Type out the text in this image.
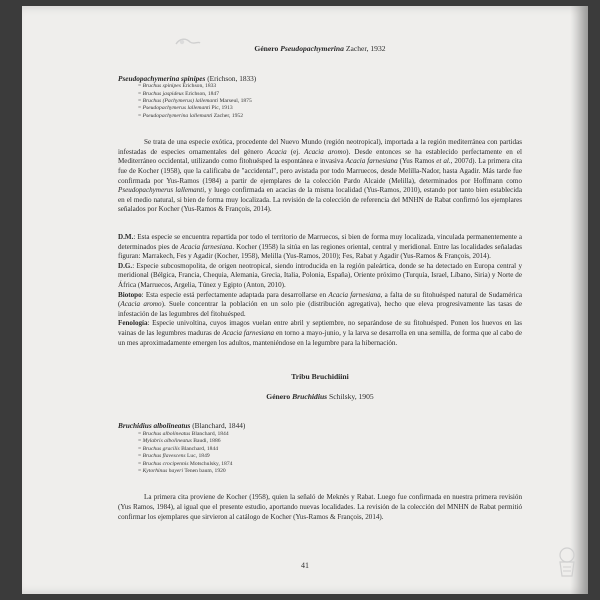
Género Pseudopachymerina Zacher, 1932

Pseudopachymerina spinipes (Erichson, 1833)
= Bruchus spinipes Erichson, 1833
= Bruchus jaspideus Erichson, 1847
= Bruchus (Pachymerus) lallemanti Marseul, 1875
= Pseudopachymerus lallemanti Pic, 1913
= Pseudopachymerina lallemanti Zacher, 1952

Se trata de una especie exótica, procedente del Nuevo Mundo (región neotropical), importada a la región mediterránea con partidas infestadas de especies ornamentales del género Acacia (ej. Acacia aromo). Desde entonces se ha establecido perfectamente en el Mediterráneo occidental, utilizando como fitohuésped la espontánea e invasiva Acacia farnesiana (Yus Ramos et al., 2007d). La primera cita fue de Kocher (1958), que la calificaba de "accidental", pero avistada por todo Marruecos, desde Melilla-Nador, hasta Agadir. Más tarde fue confirmada por Yus-Ramos (1984) a partir de ejemplares de la colección Pardo Alcaide (Melilla), determinados por Hoffmann como Pseudopachymerus lallemanti, y luego confirmada en acacias de la misma localidad (Yus-Ramos, 2010), estando por tanto bien establecida en el medio natural, si bien de forma muy localizada. La revisión de la colección de referencia del MNHN de Rabat confirmó los ejemplares señalados por Kocher (Yus-Ramos & François, 2014).

D.M.: Esta especie se encuentra repartida por todo el territorio de Marruecos, si bien de forma muy localizada, vinculada permanentemente a determinados pies de Acacia farnesiana. Kocher (1958) la sitúa en las regiones oriental, central y meridional. Entre las localidades señaladas figuran: Marrakech, Fes y Agadir (Kocher, 1958), Melilla (Yus-Ramos, 2010); Fes, Rabat y Agadir (Yus-Ramos & François, 2014).

D.G.: Especie subcosmopolita, de origen neotropical, siendo introducida en la región paleártica, donde se ha detectado en Europa central y meridional (Bélgica, Francia, Chequia, Alemania, Grecia, Italia, Polonia, España), Oriente próximo (Turquía, Israel, Líbano, Siria) y Norte de África (Marruecos, Argelia, Túnez y Egipto (Anton, 2010).

Biotopo: Esta especie está perfectamente adaptada para desarrollarse en Acacia farnesiana, a falta de su fitohuésped natural de Sudamérica (Acacia aromo). Suele concentrar la población en un solo pie (distribución agregativa), hecho que eleva progresivamente las tasas de infestación de las legumbres del fitohuésped.

Fenología: Especie univoltina, cuyos imagos vuelan entre abril y septiembre, no separándose de su fitohuésped. Ponen los huevos en las vainas de las legumbres maduras de Acacia farnesiana en torno a mayo-junio, y la larva se desarrolla en una semilla, de forma que al cabo de un mes aproximadamente emergen los adultos, manteniéndose en la legumbre para la hibernación.

Tribu Bruchidiini

Género Bruchidius Schilsky, 1905

Bruchidius albolineatus (Blanchard, 1844)
= Bruchus albolineatus Blanchard, 1844
= Mylabris albolineatus Baudi, 1886
= Bruchus gracilis Blanchard, 1844
= Bruchus flavescens Luc, 1849
= Bruchus crocipennis Motschulsky, 1874
= Kytorhinus hayeri Tenen baum, 1920

La primera cita proviene de Kocher (1958), quien la señaló de Meknès y Rabat. Luego fue confirmada en nuestra primera revisión (Yus Ramos, 1984), al igual que el presente estudio, aportando nuevas localidades. La revisión de la colección del MNHN de Rabat permitió confirmar los ejemplares que sirvieron al catálogo de Kocher (Yus-Ramos & François, 2014).

41
